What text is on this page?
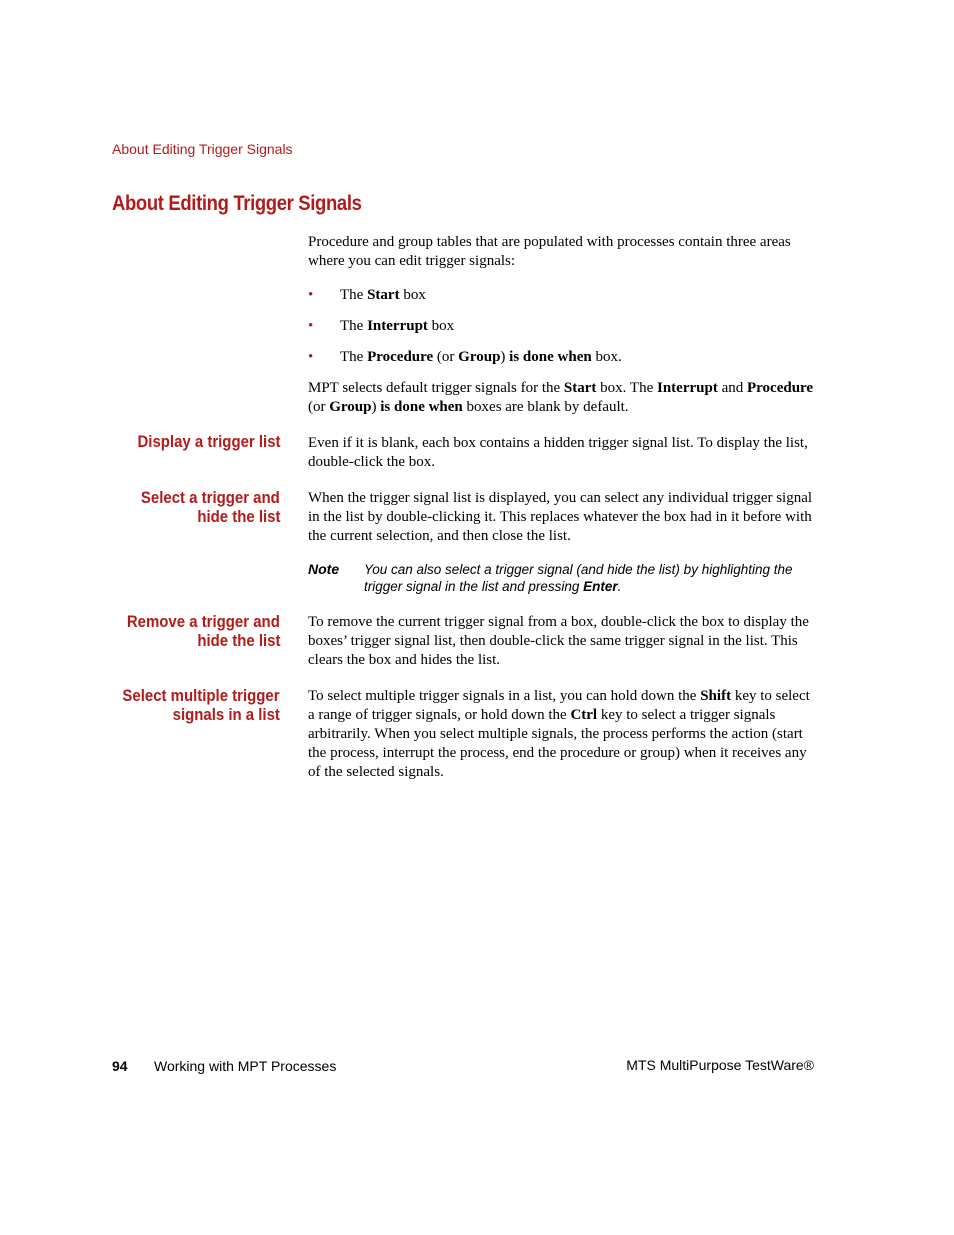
About Editing Trigger Signals
About Editing Trigger Signals

Procedure and group tables that are populated with processes contain three areas where you can edit trigger signals:

• The Start box
• The Interrupt box
• The Procedure (or Group) is done when box.

MPT selects default trigger signals for the Start box. The Interrupt and Procedure (or Group) is done when boxes are blank by default.

Display a trigger list Even if it is blank, each box contains a hidden trigger signal list. To display the list, double-click the box.

Select a trigger and
hide the list

When the trigger signal list is displayed, you can select any individual trigger signal in the list by double-clicking it. This replaces whatever the box had in it before with the current selection, and then close the list.

Note You can also select a trigger signal (and hide the list) by highlighting the trigger signal in the list and pressing Enter.

Remove a trigger and
hide the list

To remove the current trigger signal from a box, double-click the box to display the boxes’ trigger signal list, then double-click the same trigger signal in the list. This clears the box and hides the list.

Select multiple trigger
signals in a list

To select multiple trigger signals in a list, you can hold down the Shift key to select a range of trigger signals, or hold down the Ctrl key to select a trigger signals arbitrarily. When you select multiple signals, the process performs the action (start the process, interrupt the process, end the procedure or group) when it receives any of the selected signals.

94 Working with MPT Processes	MTS MultiPurpose TestWare®
